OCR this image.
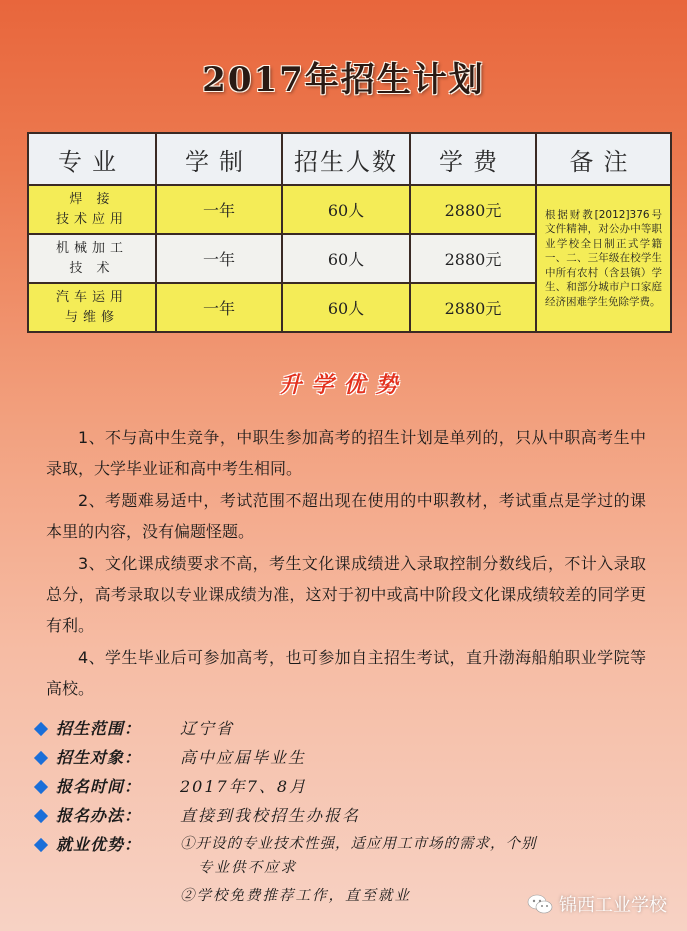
2017年招生计划
专业	学制	招生人数	学费	备注

焊 接
技术应用	一年	60人	2880元	根据财教[2012]376号文件精神，对公办中等职业学校全日制正式学籍一、二、三年级在校学生中所有农村（含县镇）学生、和部分城市户口家庭经济困难学生免除学费。

机械加工
技 术	一年	60人	2880元	

汽车运用
与维修	一年	60人	2880元	
升学优势

1、不与高中生竞争，中职生参加高考的招生计划是单列的，只从中职高考生中录取，大学毕业证和高中考生相同。

2、考题难易适中，考试范围不超出现在使用的中职教材，考试重点是学过的课本里的内容，没有偏题怪题。

3、文化课成绩要求不高，考生文化课成绩进入录取控制分数线后，不计入录取总分，高考录取以专业课成绩为准，这对于初中或高中阶段文化课成绩较差的同学更有利。

4、学生毕业后可参加高考，也可参加自主招生考试，直升渤海船舶职业学院等高校。

招生范围：	辽宁省
招生对象：	高中应届毕业生
报名时间：	2017年7、8月
报名办法：	直接到我校招生办报名
就业优势：	①开设的专业技术性强，适应用工市场的需求，个别
专业供不应求
②学校免费推荐工作，直至就业	锦西工业学校
